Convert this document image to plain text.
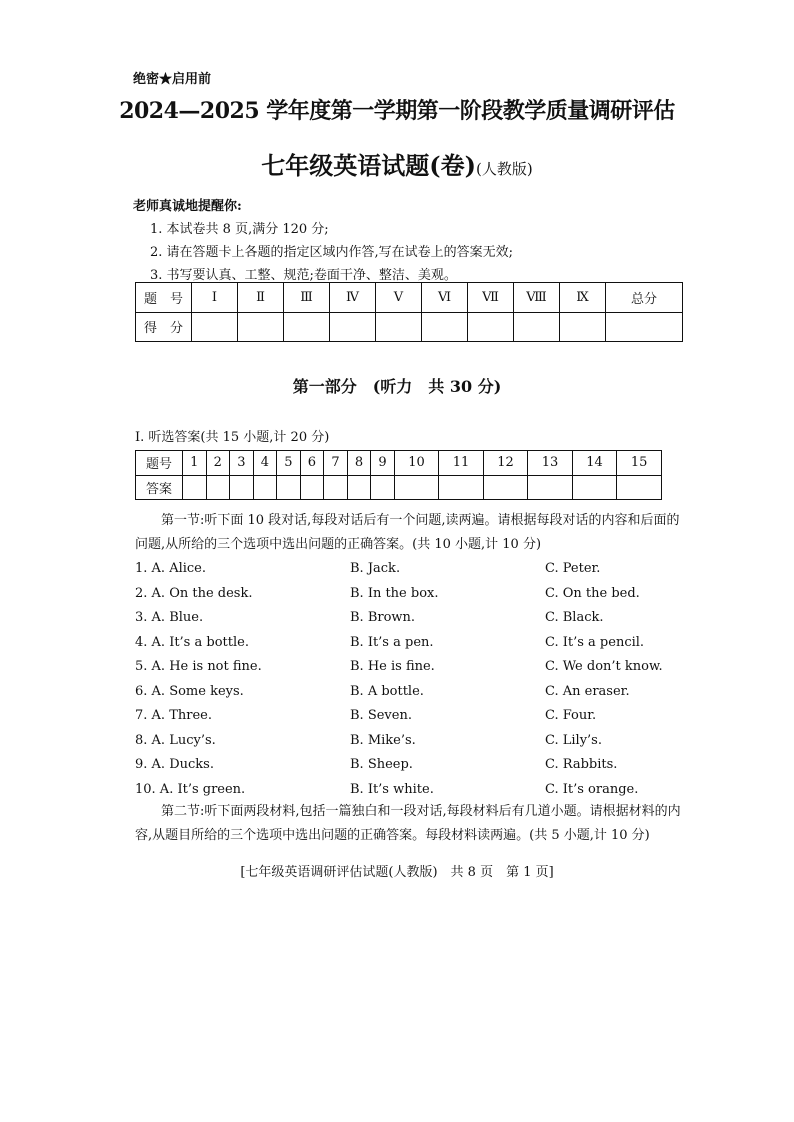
绝密★启用前
2024—2025 学年度第一学期第一阶段教学质量调研评估
七年级英语试题(卷)(人教版)
老师真诚地提醒你:
1. 本试卷共 8 页,满分 120 分;
2. 请在答题卡上各题的指定区域内作答,写在试卷上的答案无效;
3. 书写要认真、工整、规范;卷面干净、整洁、美观。
题　号	Ⅰ	Ⅱ	Ⅲ	Ⅳ	Ⅴ	Ⅵ	Ⅶ	Ⅷ	Ⅸ	总分
得　分										
第一部分　(听力　共 30 分)
Ⅰ. 听选答案(共 15 小题,计 20 分)
题号	1	2	3	4	5	6	7	8	9	10	11	12	13	14	15
答案															
第一节:听下面 10 段对话,每段对话后有一个问题,读两遍。请根据每段对话的内容和后面的问题,从所给的三个选项中选出问题的正确答案。(共 10 小题,计 10 分)
1. A. Alice.	B. Jack.	C. Peter.
2. A. On the desk.	B. In the box.	C. On the bed.
3. A. Blue.	B. Brown.	C. Black.
4. A. It’s a bottle.	B. It’s a pen.	C. It’s a pencil.
5. A. He is not fine.	B. He is fine.	C. We don’t know.
6. A. Some keys.	B. A bottle.	C. An eraser.
7. A. Three.	B. Seven.	C. Four.
8. A. Lucy’s.	B. Mike’s.	C. Lily’s.
9. A. Ducks.	B. Sheep.	C. Rabbits.
10. A. It’s green.	B. It’s white.	C. It’s orange.
第二节:听下面两段材料,包括一篇独白和一段对话,每段材料后有几道小题。请根据材料的内容,从题目所给的三个选项中选出问题的正确答案。每段材料读两遍。(共 5 小题,计 10 分)
[七年级英语调研评估试题(人教版)　共 8 页　第 1 页]
